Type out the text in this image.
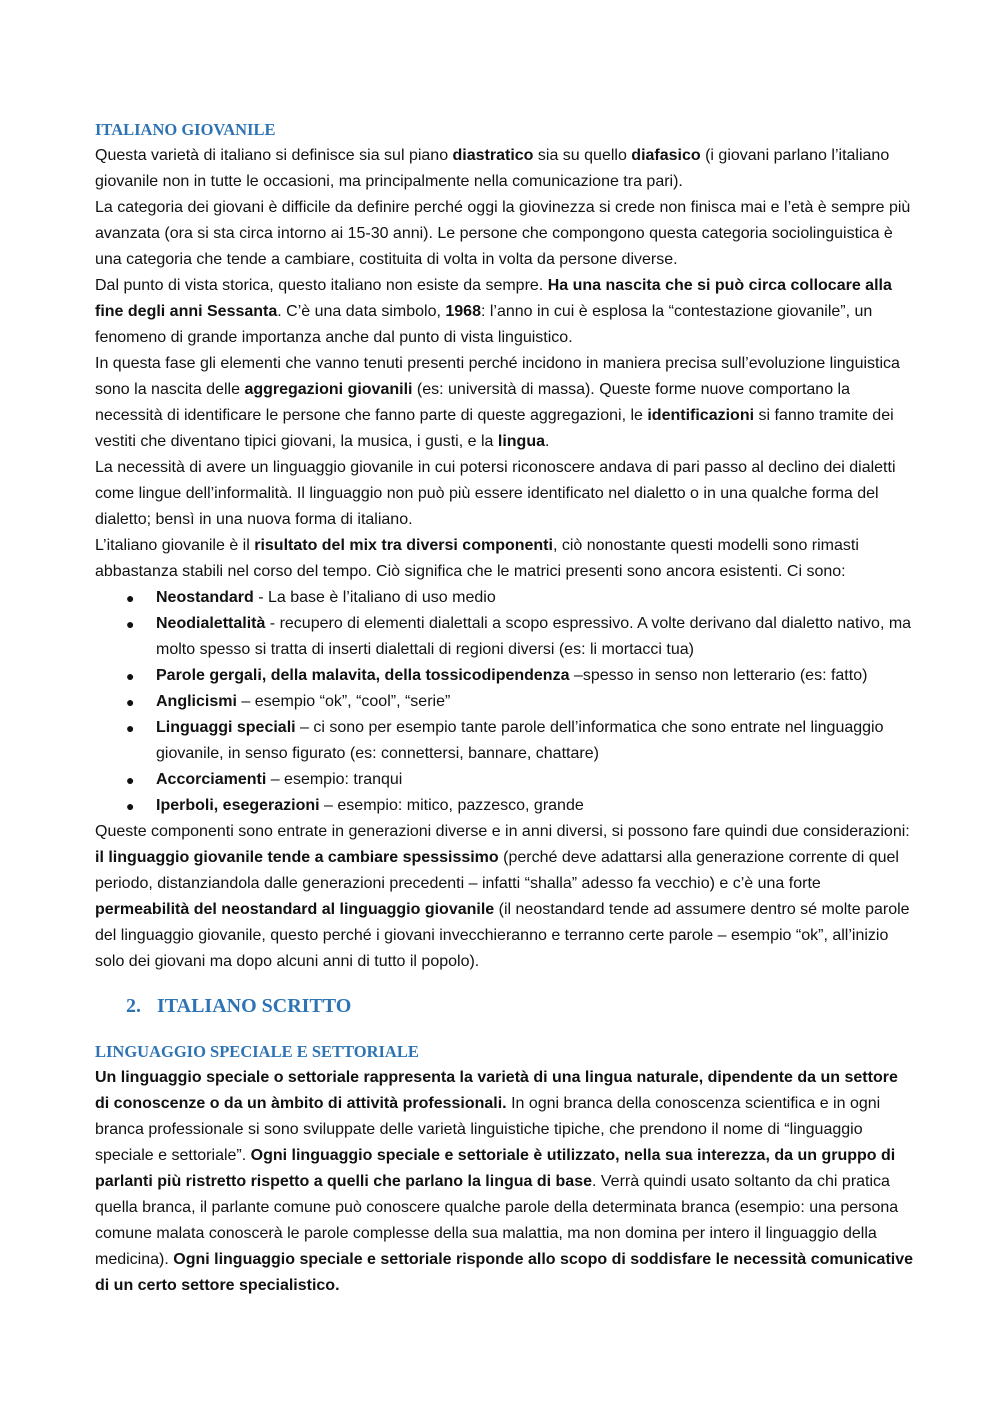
ITALIANO GIOVANILE

Questa varietà di italiano si definisce sia sul piano diastratico sia su quello diafasico (i giovani parlano l’italiano giovanile non in tutte le occasioni, ma principalmente nella comunicazione tra pari).

La categoria dei giovani è difficile da definire perché oggi la giovinezza si crede non finisca mai e l’età è sempre più avanzata (ora si sta circa intorno ai 15-30 anni). Le persone che compongono questa categoria sociolinguistica è una categoria che tende a cambiare, costituita di volta in volta da persone diverse.

Dal punto di vista storica, questo italiano non esiste da sempre. Ha una nascita che si può circa collocare alla fine degli anni Sessanta. C’è una data simbolo, 1968: l’anno in cui è esplosa la “contestazione giovanile”, un fenomeno di grande importanza anche dal punto di vista linguistico.

In questa fase gli elementi che vanno tenuti presenti perché incidono in maniera precisa sull’evoluzione linguistica sono la nascita delle aggregazioni giovanili (es: università di massa). Queste forme nuove comportano la necessità di identificare le persone che fanno parte di queste aggregazioni, le identificazioni si fanno tramite dei vestiti che diventano tipici giovani, la musica, i gusti, e la lingua.

La necessità di avere un linguaggio giovanile in cui potersi riconoscere andava di pari passo al declino dei dialetti come lingue dell’informalità. Il linguaggio non può più essere identificato nel dialetto o in una qualche forma del dialetto; bensì in una nuova forma di italiano.

L’italiano giovanile è il risultato del mix tra diversi componenti, ciò nonostante questi modelli sono rimasti abbastanza stabili nel corso del tempo. Ciò significa che le matrici presenti sono ancora esistenti. Ci sono:

● Neostandard - La base è l’italiano di uso medio
● Neodialettalità - recupero di elementi dialettali a scopo espressivo. A volte derivano dal dialetto nativo, ma molto spesso si tratta di inserti dialettali di regioni diversi (es: li mortacci tua)
● Parole gergali, della malavita, della tossicodipendenza –spesso in senso non letterario (es: fatto)
● Anglicismi – esempio “ok”, “cool”, “serie”
● Linguaggi speciali – ci sono per esempio tante parole dell’informatica che sono entrate nel linguaggio giovanile, in senso figurato (es: connettersi, bannare, chattare)
● Accorciamenti – esempio: tranqui
● Iperboli, esegerazioni – esempio: mitico, pazzesco, grande

Queste componenti sono entrate in generazioni diverse e in anni diversi, si possono fare quindi due considerazioni: il linguaggio giovanile tende a cambiare spessissimo (perché deve adattarsi alla generazione corrente di quel periodo, distanziandola dalle generazioni precedenti – infatti “shalla” adesso fa vecchio) e c’è una forte permeabilità del neostandard al linguaggio giovanile (il neostandard tende ad assumere dentro sé molte parole del linguaggio giovanile, questo perché i giovani invecchieranno e terranno certe parole – esempio “ok”, all’inizio solo dei giovani ma dopo alcuni anni di tutto il popolo).

2. ITALIANO SCRITTO
LINGUAGGIO SPECIALE E SETTORIALE

Un linguaggio speciale o settoriale rappresenta la varietà di una lingua naturale, dipendente da un settore di conoscenze o da un àmbito di attività professionali. In ogni branca della conoscenza scientifica e in ogni branca professionale si sono sviluppate delle varietà linguistiche tipiche, che prendono il nome di “linguaggio speciale e settoriale”. Ogni linguaggio speciale e settoriale è utilizzato, nella sua interezza, da un gruppo di parlanti più ristretto rispetto a quelli che parlano la lingua di base. Verrà quindi usato soltanto da chi pratica quella branca, il parlante comune può conoscere qualche parole della determinata branca (esempio: una persona comune malata conoscerà le parole complesse della sua malattia, ma non domina per intero il linguaggio della medicina). Ogni linguaggio speciale e settoriale risponde allo scopo di soddisfare le necessità comunicative di un certo settore specialistico.
